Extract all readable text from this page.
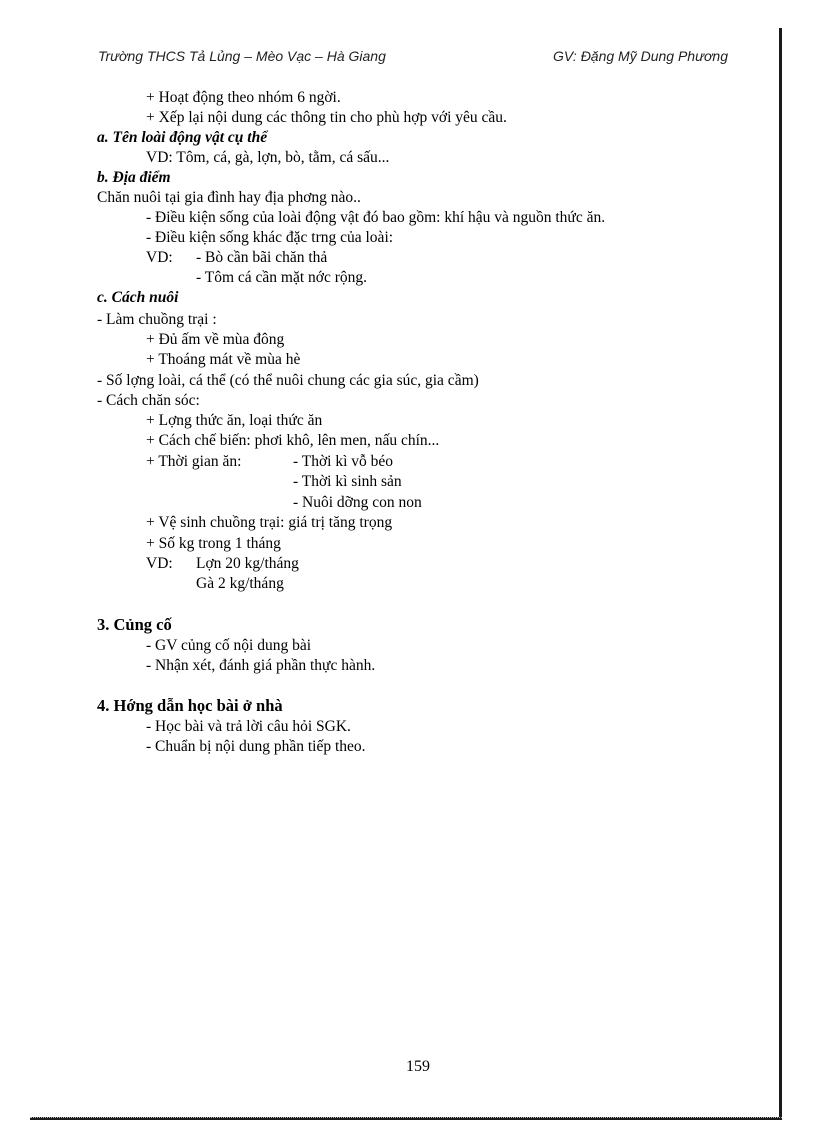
Trường THCS Tả Lủng – Mèo Vạc – Hà Giang	GV: Đặng Mỹ Dung Phương
+ Hoạt động theo nhóm 6 ngời.
+ Xếp lại nội dung các thông tin cho phù hợp với yêu cầu.
a. Tên loài động vật cụ thể
VD: Tôm, cá, gà, lợn, bò, tằm, cá sấu...
b. Địa điểm
Chăn nuôi tại gia đình hay địa phơng nào..
- Điều kiện sống của loài động vật đó bao gồm: khí hậu và nguồn thức ăn.
- Điều kiện sống khác đặc trng của loài:
VD: - Bò cần bãi chăn thả
- Tôm cá cần mặt nớc rộng.
c. Cách nuôi
- Làm chuồng trại :
+ Đủ ấm về mùa đông
+ Thoáng mát về mùa hè
- Số lợng loài, cá thể (có thể nuôi chung các gia súc, gia cầm)
- Cách chăn sóc:
+ Lợng thức ăn, loại thức ăn
+ Cách chế biến: phơi khô, lên men, nấu chín...
+ Thời gian ăn:	- Thời kì vỗ béo
- Thời kì sinh sản
- Nuôi dỡng con non
+ Vệ sinh chuồng trại: giá trị tăng trọng
+ Số kg trong 1 tháng
VD: Lợn 20 kg/tháng
Gà 2 kg/tháng
3. Củng cố
- GV củng cố nội dung bài
- Nhận xét, đánh giá phần thực hành.
4. Hớng dẫn học bài ở nhà
- Học bài và trả lời câu hỏi SGK.
- Chuẩn bị nội dung phần tiếp theo.
159
